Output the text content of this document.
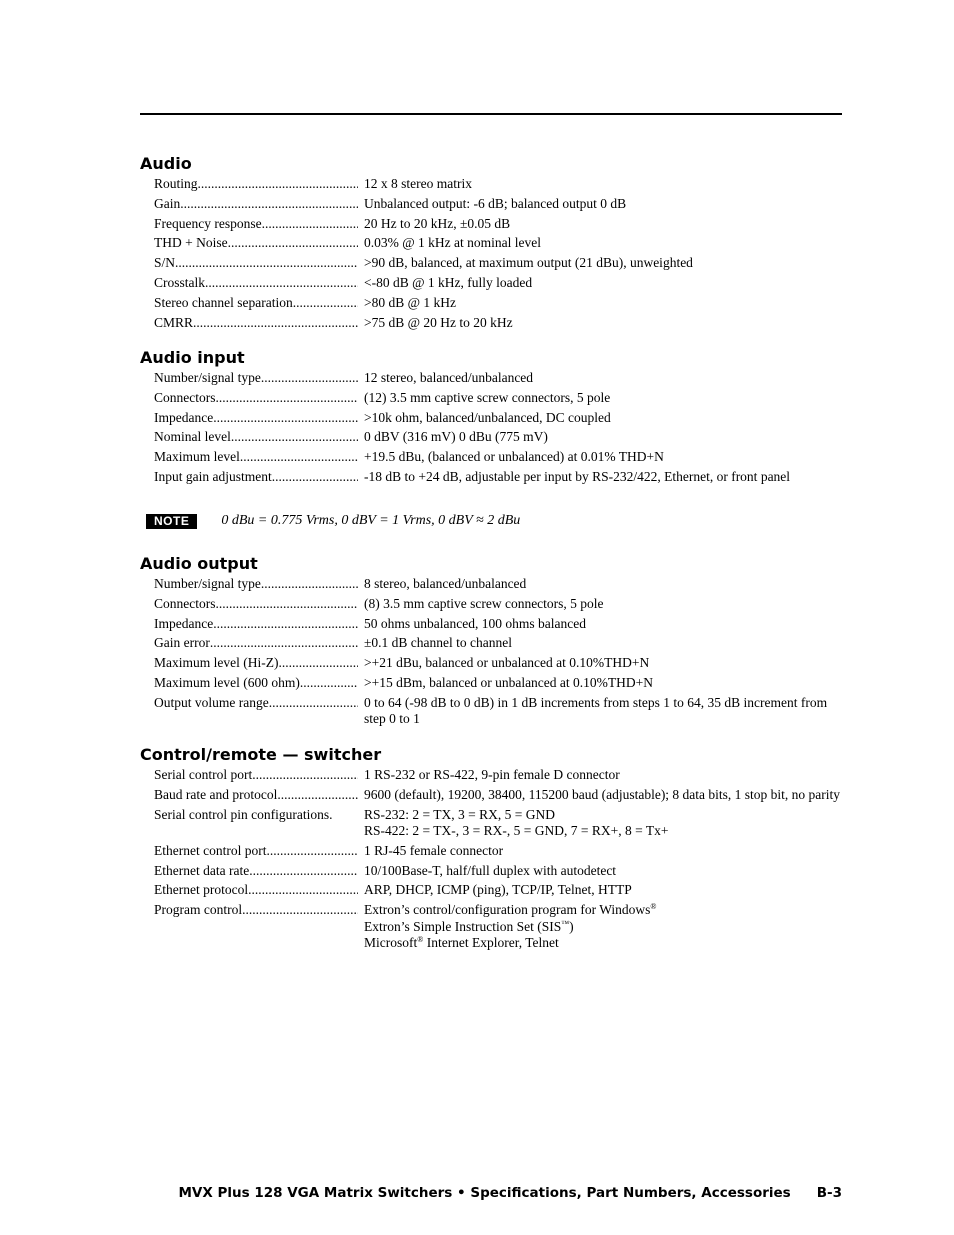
Audio
Routing .....	12 x 8 stereo matrix
Gain .....	Unbalanced output: -6 dB; balanced output 0 dB
Frequency response .....	20 Hz to 20 kHz, ±0.05 dB
THD + Noise .....	0.03% @ 1 kHz at nominal level
S/N .....	>90 dB, balanced, at maximum output (21 dBu), unweighted
Crosstalk .....	<-80 dB @ 1 kHz, fully loaded
Stereo channel separation .....	>80 dB @ 1 kHz
CMRR .....	>75 dB @ 20 Hz to 20 kHz
Audio input
Number/signal type .....	12 stereo, balanced/unbalanced
Connectors .....	(12) 3.5 mm captive screw connectors, 5 pole
Impedance .....	>10k ohm, balanced/unbalanced, DC coupled
Nominal level .....	0 dBV (316 mV) 0 dBu (775 mV)
Maximum level .....	+19.5 dBu, (balanced or unbalanced) at 0.01% THD+N
Input gain adjustment .....	-18 dB to +24 dB, adjustable per input by RS-232/422, Ethernet, or front panel
NOTE	0 dBu = 0.775 Vrms, 0 dBV = 1 Vrms, 0 dBV ≈ 2 dBu
Audio output
Number/signal type .....	8 stereo, balanced/unbalanced
Connectors .....	(8) 3.5 mm captive screw connectors, 5 pole
Impedance .....	50 ohms unbalanced, 100 ohms balanced
Gain error .....	±0.1 dB channel to channel
Maximum level (Hi-Z) .....	>+21 dBu, balanced or unbalanced at 0.10%THD+N
Maximum level (600 ohm) .....	>+15 dBm, balanced or unbalanced at 0.10%THD+N
Output volume range .....	0 to 64 (-98 dB to 0 dB) in 1 dB increments from steps 1 to 64, 35 dB increment from step 0 to 1
Control/remote — switcher
Serial control port .....	1 RS-232 or RS-422, 9-pin female D connector
Baud rate and protocol .....	9600 (default), 19200, 38400, 115200 baud (adjustable); 8 data bits, 1 stop bit, no parity
Serial control pin configurations. RS-232: 2 = TX, 3 = RX, 5 = GND
RS-422: 2 = TX-, 3 = RX-, 5 = GND, 7 = RX+, 8 = Tx+
Ethernet control port .....	1 RJ-45 female connector
Ethernet data rate .....	10/100Base-T, half/full duplex with autodetect
Ethernet protocol .....	ARP, DHCP, ICMP (ping), TCP/IP, Telnet, HTTP
Program control .....	Extron’s control/configuration program for Windows®
Extron’s Simple Instruction Set (SIS™)
Microsoft® Internet Explorer, Telnet
MVX Plus 128 VGA Matrix Switchers • Specifications, Part Numbers, Accessories B-3
